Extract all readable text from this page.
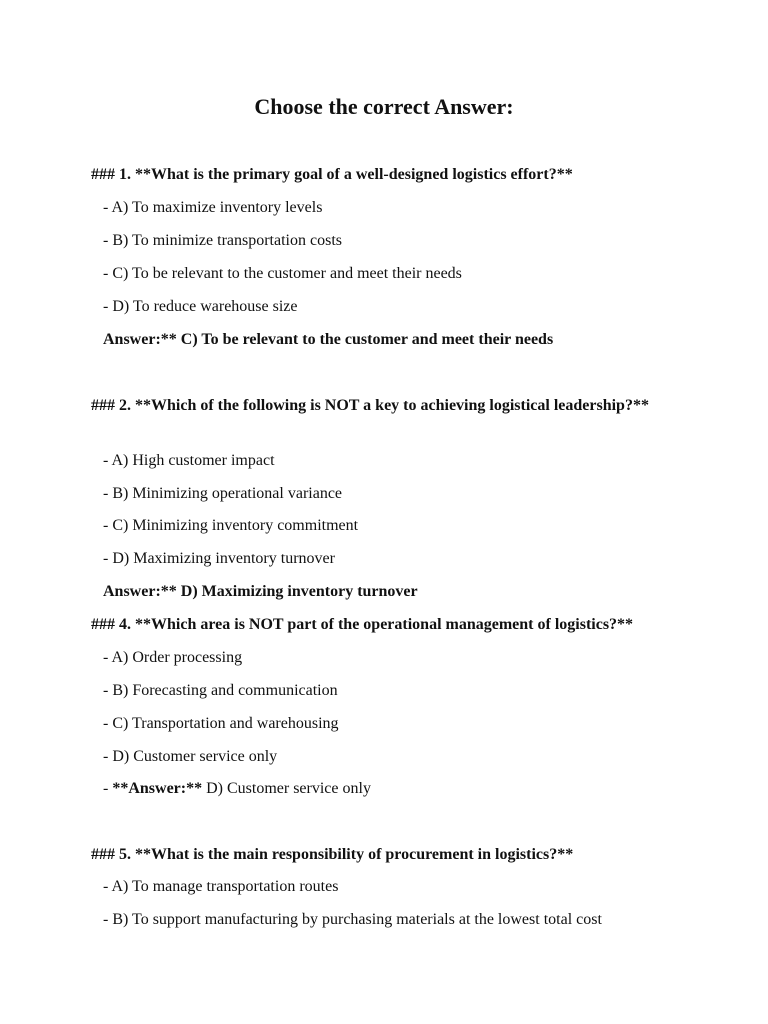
Choose the correct Answer:
### 1. **What is the primary goal of a well-designed logistics effort?**
- A) To maximize inventory levels
- B) To minimize transportation costs
- C) To be relevant to the customer and meet their needs
- D) To reduce warehouse size
Answer:** C) To be relevant to the customer and meet their needs
### 2. **Which of the following is NOT a key to achieving logistical leadership?**
- A) High customer impact
- B) Minimizing operational variance
- C) Minimizing inventory commitment
- D) Maximizing inventory turnover
Answer:** D) Maximizing inventory turnover
### 4. **Which area is NOT part of the operational management of logistics?**
- A) Order processing
- B) Forecasting and communication
- C) Transportation and warehousing
- D) Customer service only
- **Answer:** D) Customer service only
### 5. **What is the main responsibility of procurement in logistics?**
- A) To manage transportation routes
- B) To support manufacturing by purchasing materials at the lowest total cost
